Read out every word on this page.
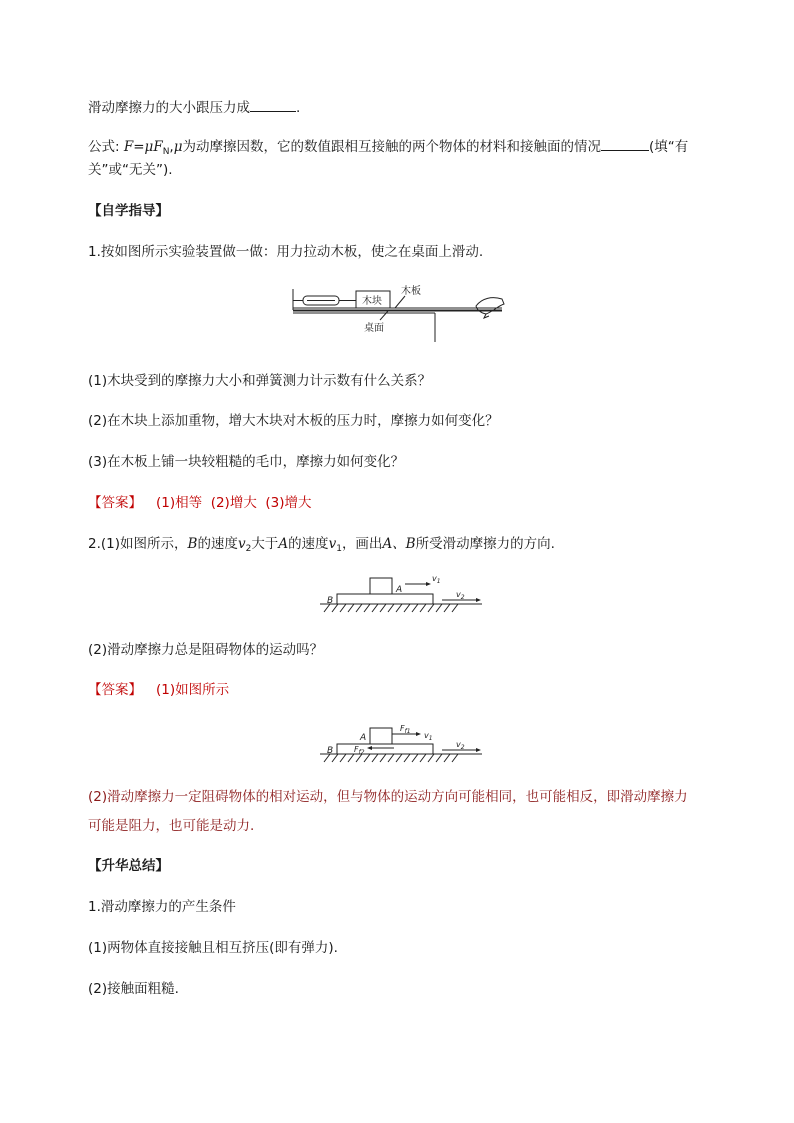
滑动摩擦力的大小跟压力成	.
公式: $F=\mu F_N,\mu$为动摩擦因数，它的数值跟相互接触的两个物体的材料和接触面的情况	(填“有
关”或“无关”).
【自学指导】
1.按如图所示实验装置做一做：用力拉动木板，使之在桌面上滑动.
木块
木板
桌面
(1)木块受到的摩擦力大小和弹簧测力计示数有什么关系？
(2)在木块上添加重物，增大木块对木板的压力时，摩擦力如何变化？
(3)在木板上铺一块较粗糙的毛巾，摩擦力如何变化？
【答案】 (1)相等  (2)增大  (3)增大
2.(1)如图所示，B的速度$v_2$大于A的速度$v_1$，画出A、B所受滑动摩擦力的方向.
A
B
$v_1$
$v_2$
(2)滑动摩擦力总是阻碍物体的运动吗？
【答案】 (1)如图所示
A
B
$F_{f1}$
$F_{f2}$
$v_1$
$v_2$
(2)滑动摩擦力一定阻碍物体的相对运动，但与物体的运动方向可能相同，也可能相反，即滑动摩擦力
可能是阻力，也可能是动力.
【升华总结】
1.滑动摩擦力的产生条件
(1)两物体直接接触且相互挤压(即有弹力).
(2)接触面粗糙.
